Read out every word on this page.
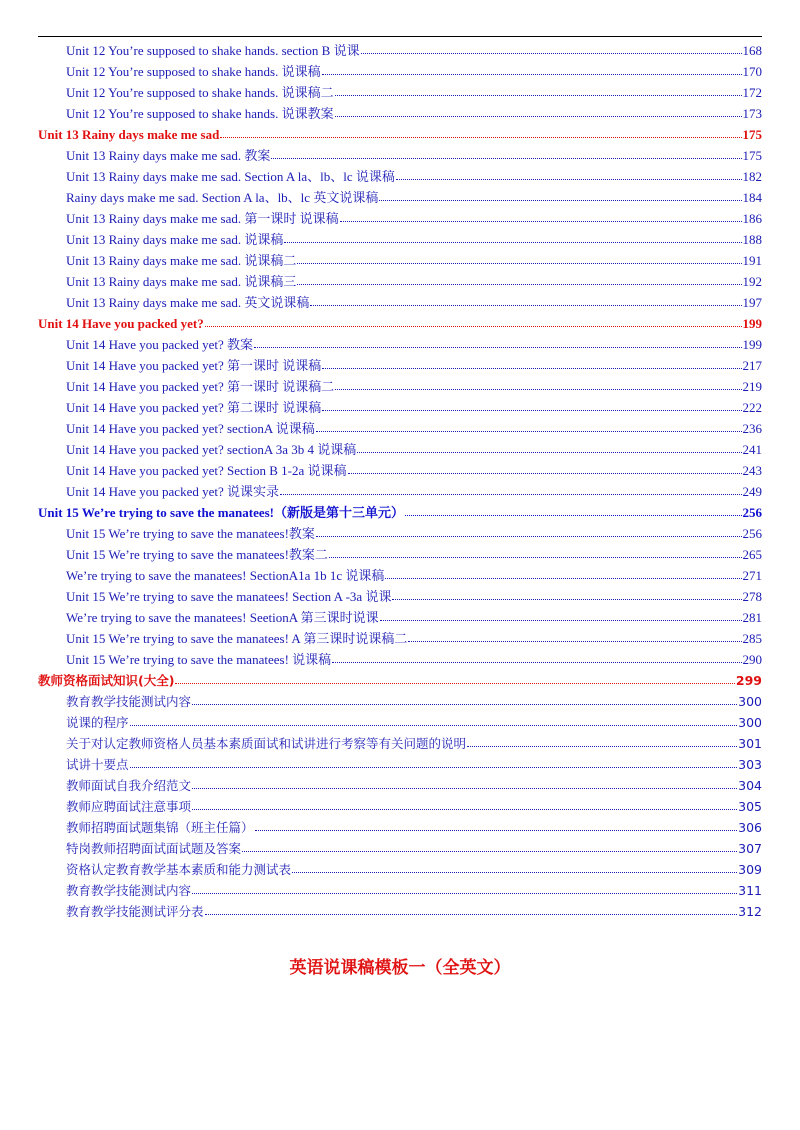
Unit 12 You’re supposed to shake hands. section B 说课	168
Unit 12 You’re supposed to shake hands. 说课稿	170
Unit 12 You’re supposed to shake hands. 说课稿二	172
Unit 12 You’re supposed to shake hands. 说课教案	173
Unit 13 Rainy days make me sad	175
Unit 13 Rainy days make me sad. 教案	175
Unit 13 Rainy days make me sad. Section A la、lb、lc 说课稿	182
Rainy days make me sad. Section A la、lb、lc 英文说课稿	184
Unit 13 Rainy days make me sad. 第一课时 说课稿	186
Unit 13 Rainy days make me sad. 说课稿	188
Unit 13 Rainy days make me sad. 说课稿二	191
Unit 13 Rainy days make me sad. 说课稿三	192
Unit 13 Rainy days make me sad. 英文说课稿	197
Unit 14 Have you packed yet?	199
Unit 14 Have you packed yet? 教案	199
Unit 14 Have you packed yet? 第一课时 说课稿	217
Unit 14 Have you packed yet? 第一课时 说课稿二	219
Unit 14 Have you packed yet? 第二课时 说课稿	222
Unit 14 Have you packed yet? sectionA 说课稿	236
Unit 14 Have you packed yet? sectionA 3a 3b 4 说课稿	241
Unit 14 Have you packed yet? Section B 1-2a 说课稿	243
Unit 14 Have you packed yet? 说课实录	249
Unit 15 We’re trying to save the manatees!（新版是第十三单元）	256
Unit 15 We’re trying to save the manatees!教案	256
Unit 15 We’re trying to save the manatees!教案二	265
We’re trying to save the manatees! SectionA1a 1b 1c 说课稿	271
Unit 15 We’re trying to save the manatees! Section A -3a 说课	278
We’re trying to save the manatees! SeetionA 第三课时说课	281
Unit 15 We’re trying to save the manatees! A 第三课时说课稿二	285
Unit 15 We’re trying to save the manatees! 说课稿	290
教师资格面试知识(大全)	299
教育教学技能测试内容	300
说课的程序	300
关于对认定教师资格人员基本素质面试和试讲进行考察等有关问题的说明	301
试讲十要点	303
教师面试自我介绍范文	304
教师应聘面试注意事项	305
教师招聘面试题集锦（班主任篇）	306
特岗教师招聘面试面试题及答案	307
资格认定教育教学基本素质和能力测试表	309
教育教学技能测试内容	311
教育教学技能测试评分表	312
英语说课稿模板一（全英文）
